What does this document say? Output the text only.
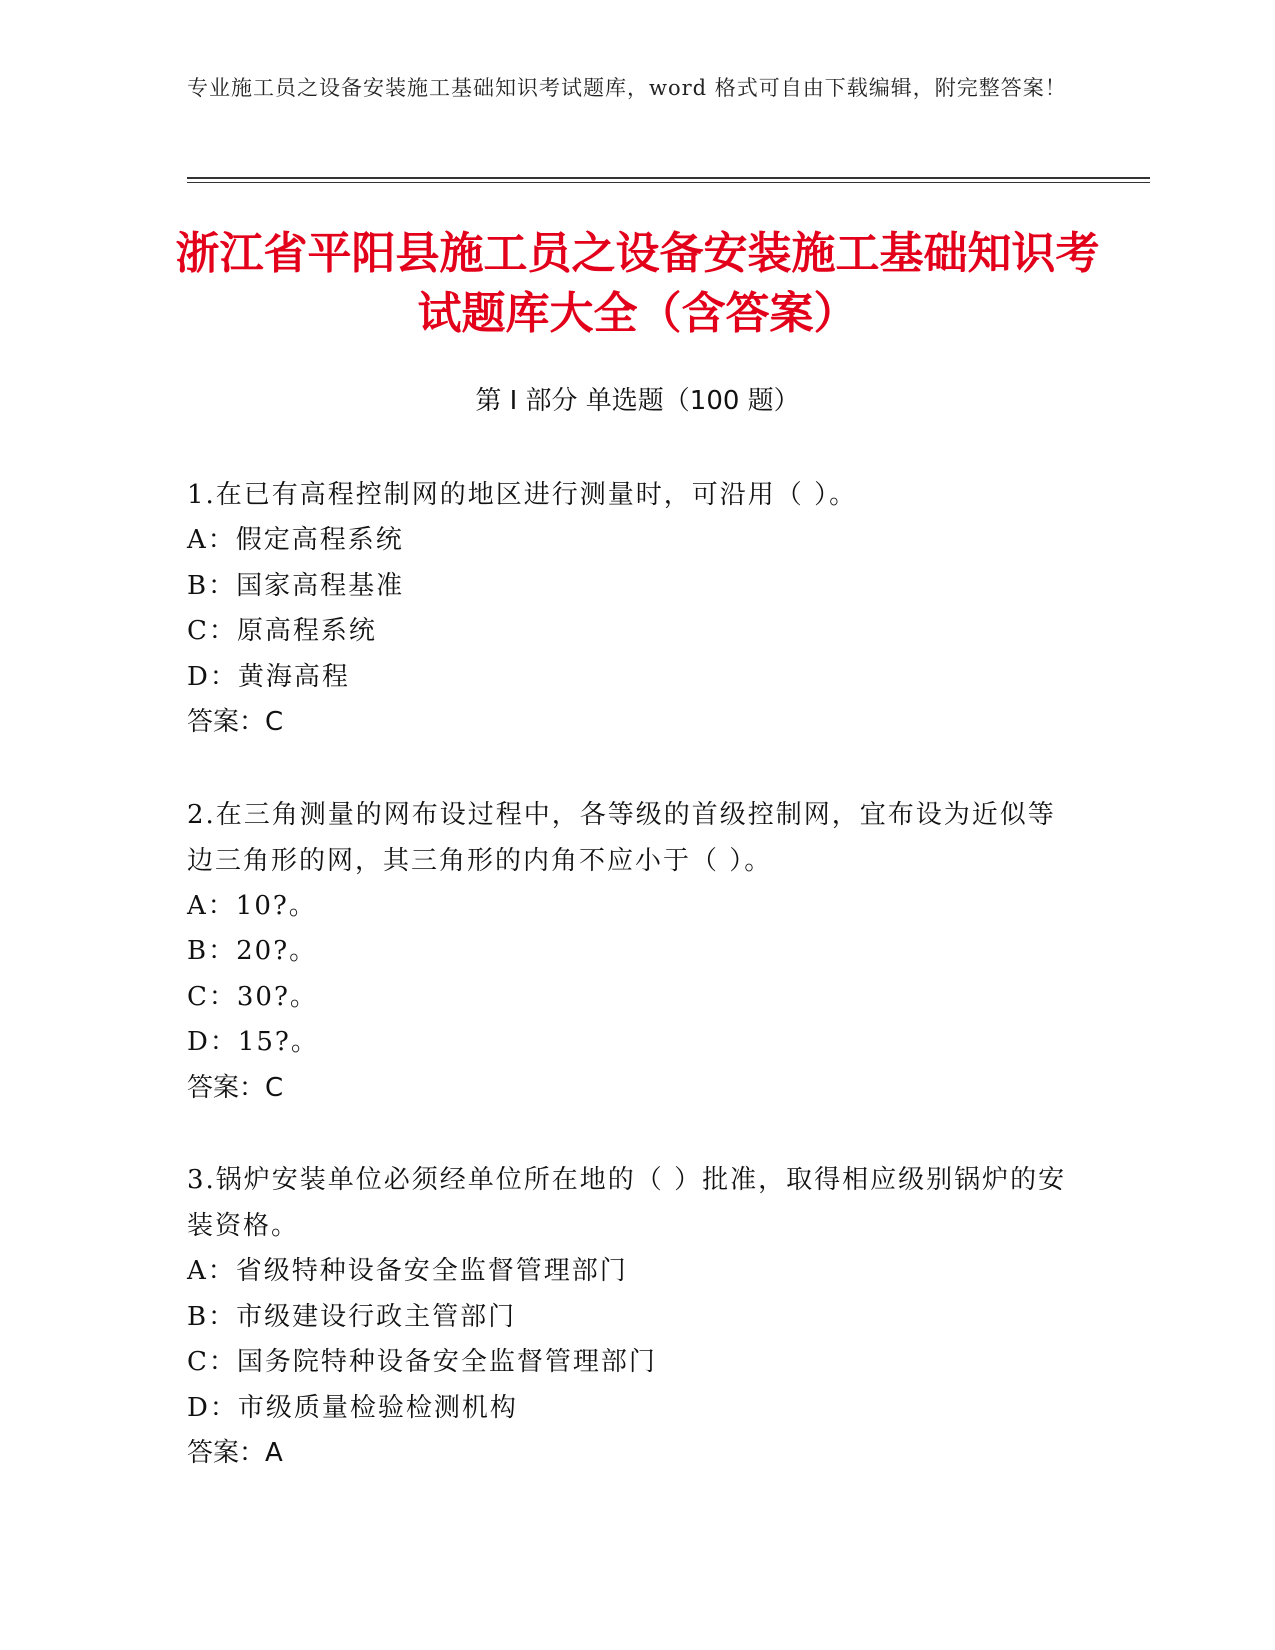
专业施工员之设备安装施工基础知识考试题库，word 格式可自由下载编辑，附完整答案！
浙江省平阳县施工员之设备安装施工基础知识考试题库大全（含答案）
第 I 部分 单选题（100 题）
1.在已有高程控制网的地区进行测量时，可沿用（ ）。
A：假定高程系统
B：国家高程基准
C：原高程系统
D：黄海高程
答案：C
2.在三角测量的网布设过程中，各等级的首级控制网，宜布设为近似等边三角形的网，其三角形的内角不应小于（ ）。
A：10?。
B：20?。
C：30?。
D：15?。
答案：C
3.锅炉安装单位必须经单位所在地的（ ）批准，取得相应级别锅炉的安装资格。
A：省级特种设备安全监督管理部门
B：市级建设行政主管部门
C：国务院特种设备安全监督管理部门
D：市级质量检验检测机构
答案：A
